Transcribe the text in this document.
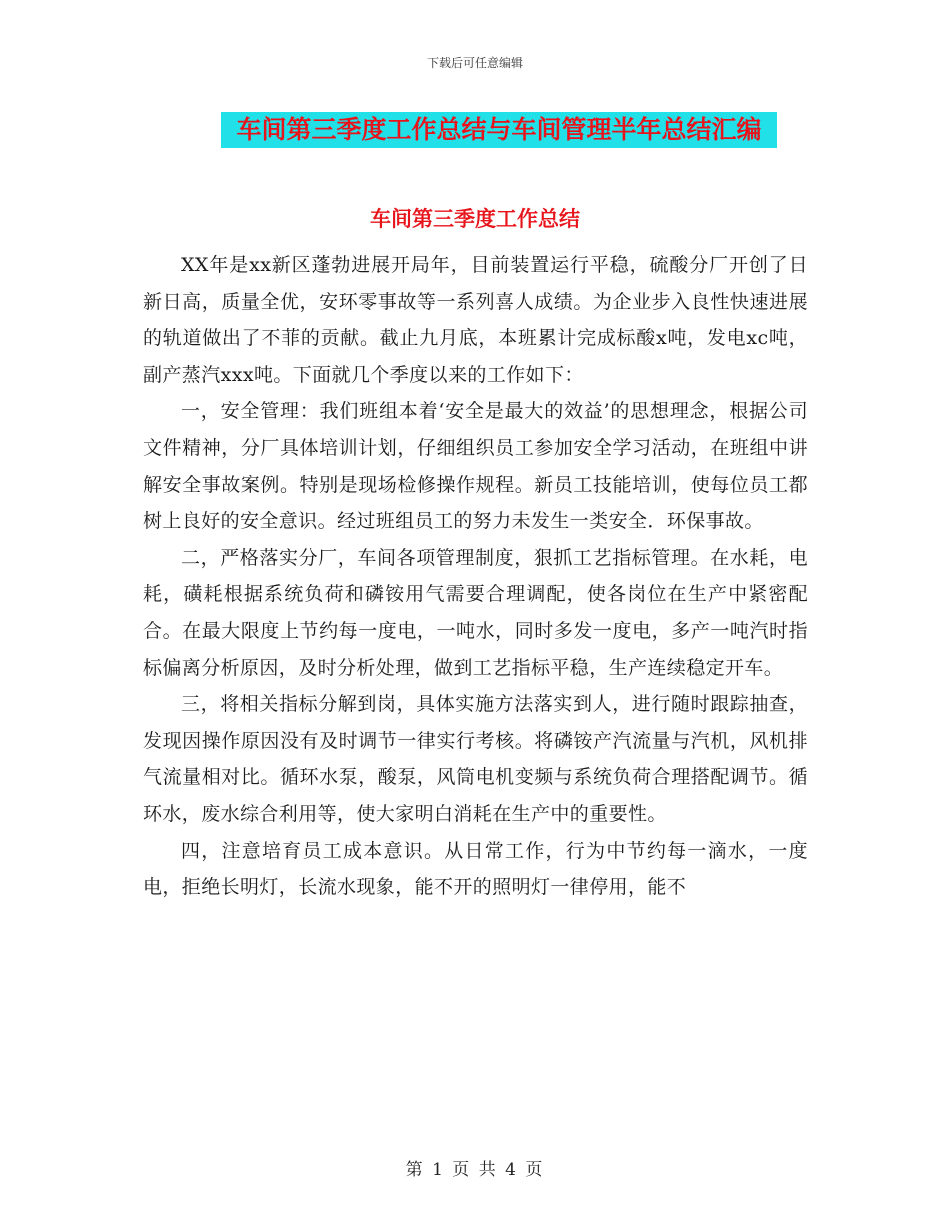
下载后可任意编辑
车间第三季度工作总结与车间管理半年总结汇编
车间第三季度工作总结

XX年是xx新区蓬勃进展开局年，目前装置运行平稳，硫酸分厂开创了日新日高，质量全优，安环零事故等一系列喜人成绩。为企业步入良性快速进展的轨道做出了不菲的贡献。截止九月底，本班累计完成标酸x吨，发电xc吨，副产蒸汽xxx吨。下面就几个季度以来的工作如下：

一，安全管理：我们班组本着‘安全是最大的效益’的思想理念，根据公司文件精神，分厂具体培训计划，仔细组织员工参加安全学习活动，在班组中讲解安全事故案例。特别是现场检修操作规程。新员工技能培训，使每位员工都树上良好的安全意识。经过班组员工的努力未发生一类安全．环保事故。

二，严格落实分厂，车间各项管理制度，狠抓工艺指标管理。在水耗，电耗，磺耗根据系统负荷和磷铵用气需要合理调配，使各岗位在生产中紧密配合。在最大限度上节约每一度电，一吨水，同时多发一度电，多产一吨汽时指标偏离分析原因，及时分析处理，做到工艺指标平稳，生产连续稳定开车。

三，将相关指标分解到岗，具体实施方法落实到人，进行随时跟踪抽查，发现因操作原因没有及时调节一律实行考核。将磷铵产汽流量与汽机，风机排气流量相对比。循环水泵，酸泵，风筒电机变频与系统负荷合理搭配调节。循环水，废水综合利用等，使大家明白消耗在生产中的重要性。

四，注意培育员工成本意识。从日常工作，行为中节约每一滴水，一度电，拒绝长明灯，长流水现象，能不开的照明灯一律停用，能不

第 1 页 共 4 页
